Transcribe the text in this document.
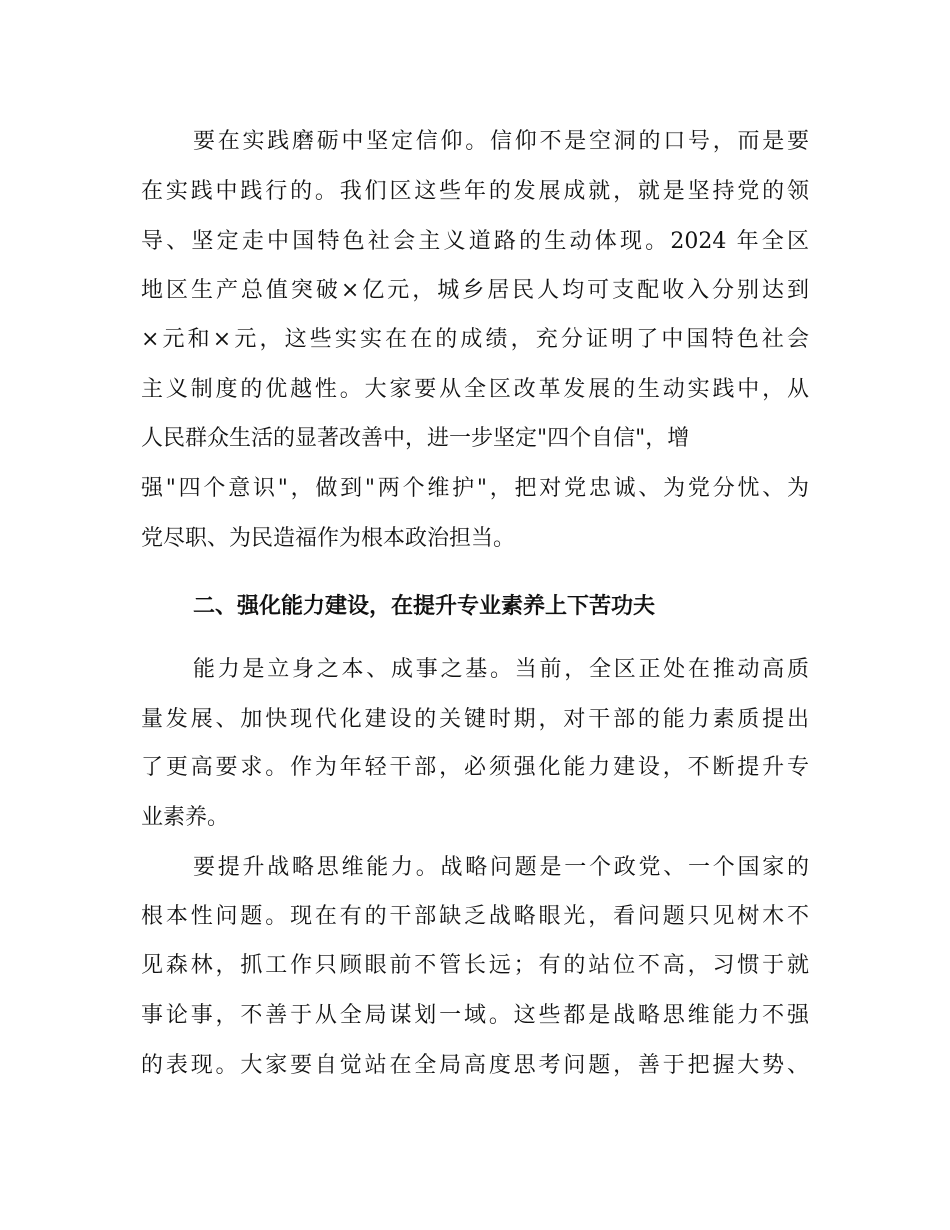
要在实践磨砺中坚定信仰。信仰不是空洞的口号，而是要
在实践中践行的。我们区这些年的发展成就，就是坚持党的领
导、坚定走中国特色社会主义道路的生动体现。2024 年全区
地区生产总值突破×亿元，城乡居民人均可支配收入分别达到
×元和×元，这些实实在在的成绩，充分证明了中国特色社会
主义制度的优越性。大家要从全区改革发展的生动实践中，从
人民群众生活的显著改善中，进一步坚定"四个自信"，增
强"四个意识"，做到"两个维护"，把对党忠诚、为党分忧、为
党尽职、为民造福作为根本政治担当。
二、强化能力建设，在提升专业素养上下苦功夫
能力是立身之本、成事之基。当前，全区正处在推动高质
量发展、加快现代化建设的关键时期，对干部的能力素质提出
了更高要求。作为年轻干部，必须强化能力建设，不断提升专
业素养。
要提升战略思维能力。战略问题是一个政党、一个国家的
根本性问题。现在有的干部缺乏战略眼光，看问题只见树木不
见森林，抓工作只顾眼前不管长远；有的站位不高，习惯于就
事论事，不善于从全局谋划一域。这些都是战略思维能力不强
的表现。大家要自觉站在全局高度思考问题，善于把握大势、
